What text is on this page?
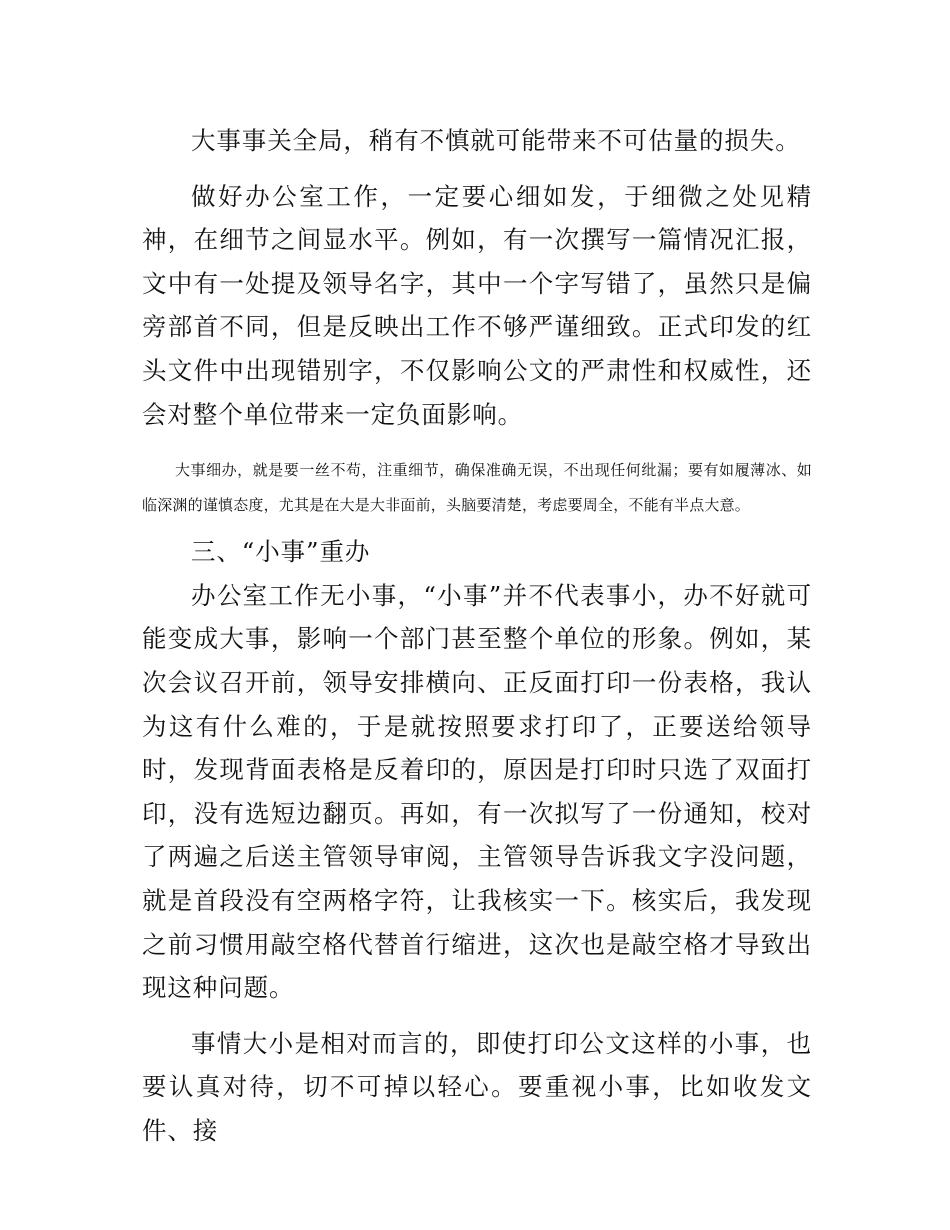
大事事关全局，稍有不慎就可能带来不可估量的损失。

做好办公室工作，一定要心细如发，于细微之处见精神，在细节之间显水平。例如，有一次撰写一篇情况汇报，文中有一处提及领导名字，其中一个字写错了，虽然只是偏旁部首不同，但是反映出工作不够严谨细致。正式印发的红头文件中出现错别字，不仅影响公文的严肃性和权威性，还会对整个单位带来一定负面影响。

大事细办，就是要一丝不苟，注重细节，确保准确无误，不出现任何纰漏；要有如履薄冰、如临深渊的谨慎态度，尤其是在大是大非面前，头脑要清楚，考虑要周全，不能有半点大意。

三、“小事”重办

办公室工作无小事，“小事”并不代表事小，办不好就可能变成大事，影响一个部门甚至整个单位的形象。例如，某次会议召开前，领导安排横向、正反面打印一份表格，我认为这有什么难的，于是就按照要求打印了，正要送给领导时，发现背面表格是反着印的，原因是打印时只选了双面打印，没有选短边翻页。再如，有一次拟写了一份通知，校对了两遍之后送主管领导审阅，主管领导告诉我文字没问题，就是首段没有空两格字符，让我核实一下。核实后，我发现之前习惯用敲空格代替首行缩进，这次也是敲空格才导致出现这种问题。

事情大小是相对而言的，即使打印公文这样的小事，也要认真对待，切不可掉以轻心。要重视小事，比如收发文件、接
